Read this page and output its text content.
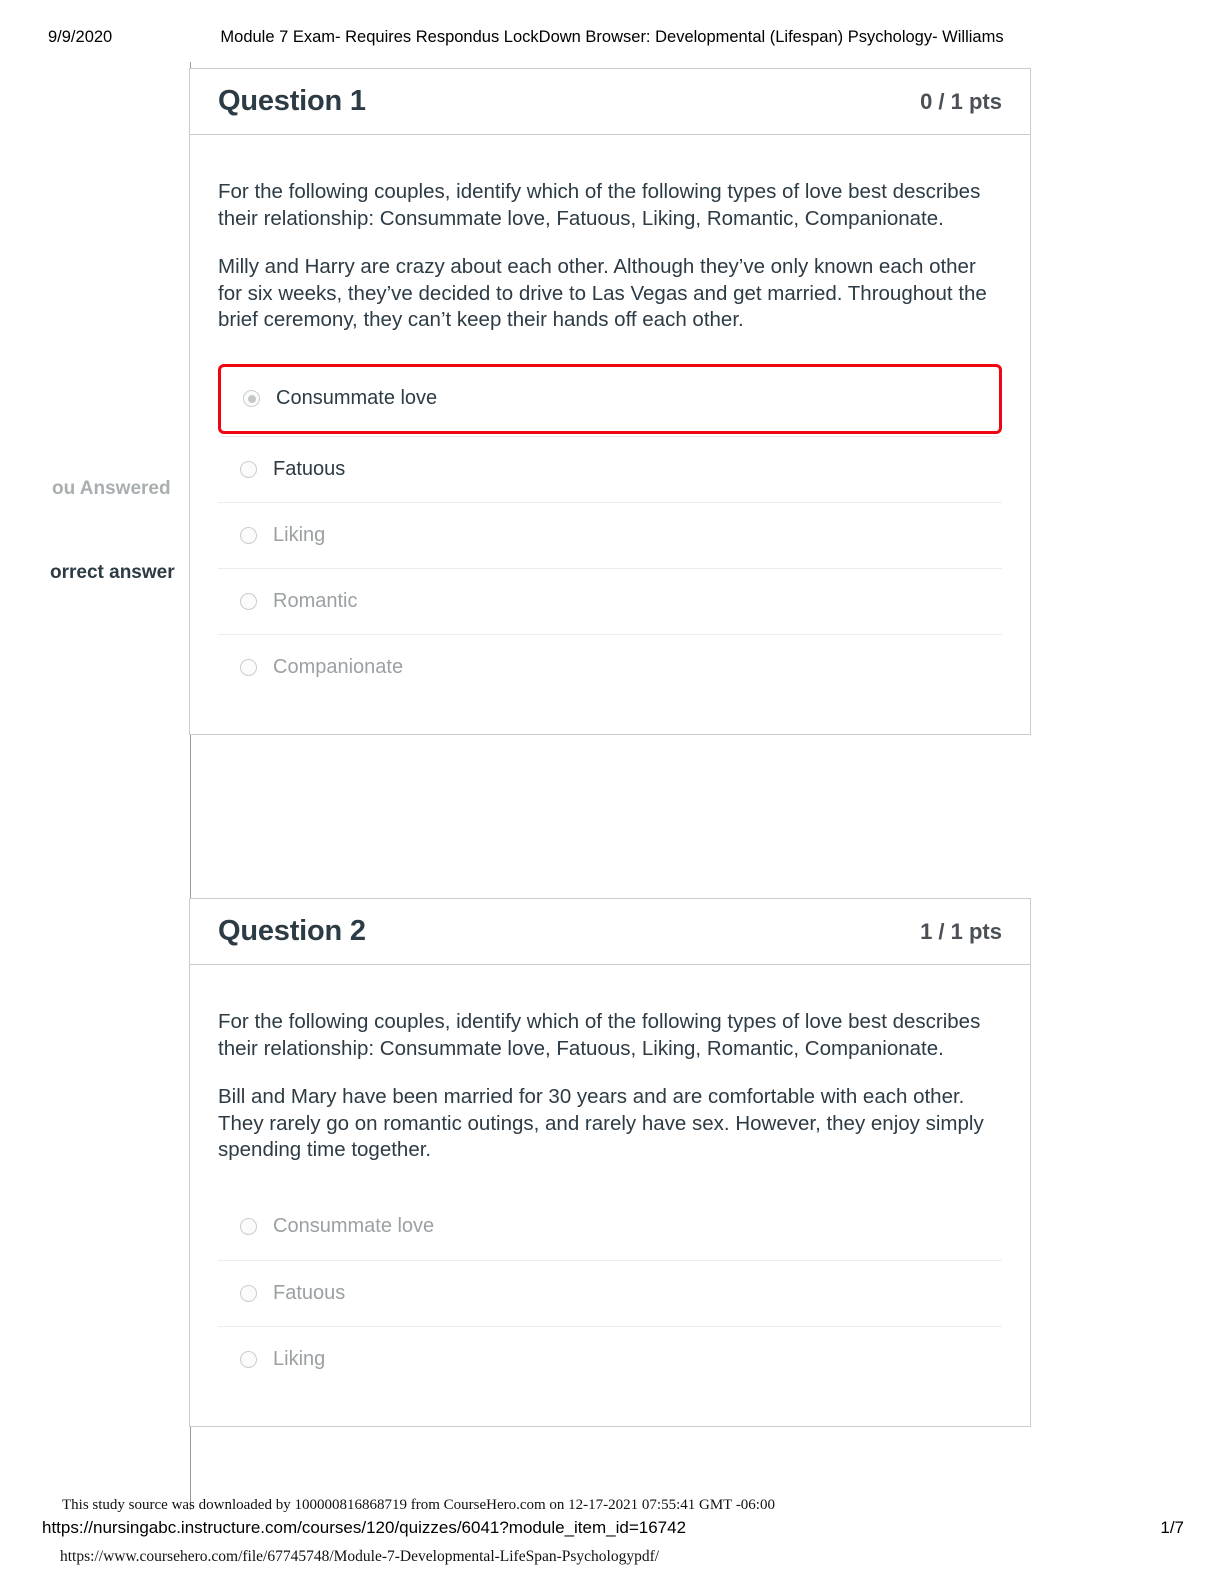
9/9/2020	Module 7 Exam- Requires Respondus LockDown Browser: Developmental (Lifespan) Psychology- Williams
Question 1	0 / 1 pts

For the following couples, identify which of the following types of love best describes their relationship: Consummate love, Fatuous, Liking, Romantic, Companionate.

Milly and Harry are crazy about each other. Although they’ve only known each other for six weeks, they’ve decided to drive to Las Vegas and get married. Throughout the brief ceremony, they can’t keep their hands off each other.

Consummate love
Fatuous
Liking
Romantic
Companionate
ou Answered
orrect answer
Question 2	1 / 1 pts

For the following couples, identify which of the following types of love best describes their relationship: Consummate love, Fatuous, Liking, Romantic, Companionate.

Bill and Mary have been married for 30 years and are comfortable with each other. They rarely go on romantic outings, and rarely have sex. However, they enjoy simply spending time together.

Consummate love
Fatuous
Liking
This study source was downloaded by 100000816868719 from CourseHero.com on 12-17-2021 07:55:41 GMT -06:00
https://nursingabc.instructure.com/courses/120/quizzes/6041?module_item_id=16742	1/7
https://www.coursehero.com/file/67745748/Module-7-Developmental-LifeSpan-Psychologypdf/
